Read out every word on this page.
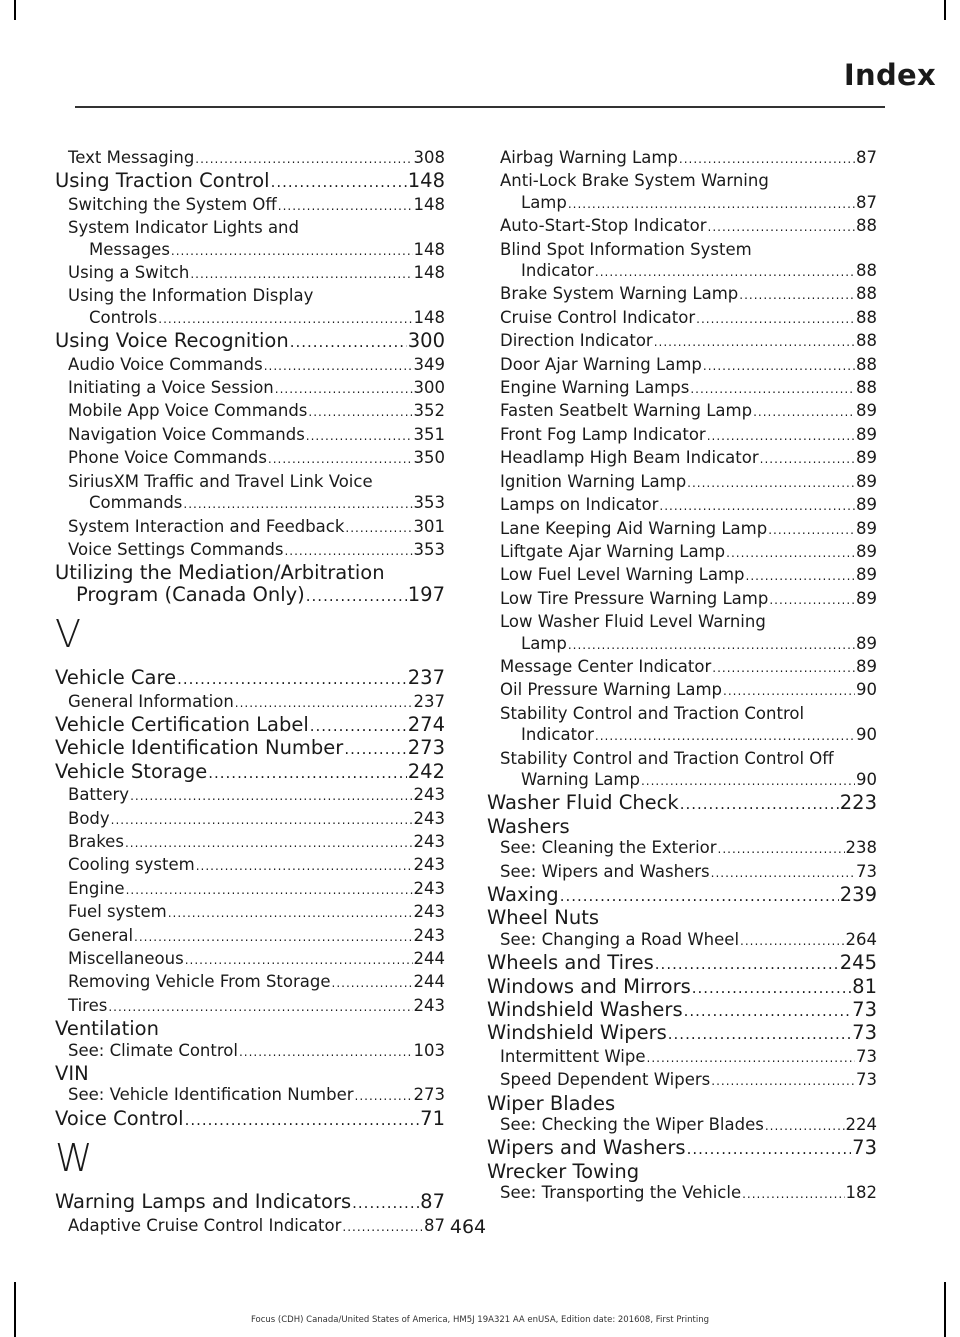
Index
Text Messaging .....	308
Using Traction Control .....	148
Switching the System Off .....	148
System Indicator Lights and
Messages .....	148
Using a Switch .....	148
Using the Information Display
Controls .....	148
Using Voice Recognition .....	300
Audio Voice Commands .....	349
Initiating a Voice Session .....	300
Mobile App Voice Commands .....	352
Navigation Voice Commands .....	351
Phone Voice Commands .....	350
SiriusXM Traffic and Travel Link Voice
Commands .....	353
System Interaction and Feedback .....	301
Voice Settings Commands .....	353
Utilizing the Mediation/Arbitration
Program (Canada Only) .....	197
V
Vehicle Care .....	237
General Information .....	237
Vehicle Certification Label .....	274
Vehicle Identification Number .....	273
Vehicle Storage .....	242
Battery .....	243
Body .....	243
Brakes .....	243
Cooling system .....	243
Engine .....	243
Fuel system .....	243
General .....	243
Miscellaneous .....	244
Removing Vehicle From Storage .....	244
Tires .....	243
Ventilation
See: Climate Control .....	103
VIN
See: Vehicle Identification Number .....	273
Voice Control .....	71
W
Warning Lamps and Indicators .....	87
Adaptive Cruise Control Indicator .....	87
Airbag Warning Lamp .....	87
Anti-Lock Brake System Warning
Lamp .....	87
Auto-Start-Stop Indicator .....	88
Blind Spot Information System
Indicator .....	88
Brake System Warning Lamp .....	88
Cruise Control Indicator .....	88
Direction Indicator .....	88
Door Ajar Warning Lamp .....	88
Engine Warning Lamps .....	88
Fasten Seatbelt Warning Lamp .....	89
Front Fog Lamp Indicator .....	89
Headlamp High Beam Indicator .....	89
Ignition Warning Lamp .....	89
Lamps on Indicator .....	89
Lane Keeping Aid Warning Lamp .....	89
Liftgate Ajar Warning Lamp .....	89
Low Fuel Level Warning Lamp .....	89
Low Tire Pressure Warning Lamp .....	89
Low Washer Fluid Level Warning
Lamp .....	89
Message Center Indicator .....	89
Oil Pressure Warning Lamp .....	90
Stability Control and Traction Control
Indicator .....	90
Stability Control and Traction Control Off
Warning Lamp .....	90
Washer Fluid Check .....	223
Washers
See: Cleaning the Exterior .....	238
See: Wipers and Washers .....	73
Waxing .....	239
Wheel Nuts
See: Changing a Road Wheel .....	264
Wheels and Tires .....	245
Windows and Mirrors .....	81
Windshield Washers .....	73
Windshield Wipers .....	73
Intermittent Wipe .....	73
Speed Dependent Wipers .....	73
Wiper Blades
See: Checking the Wiper Blades .....	224
Wipers and Washers .....	73
Wrecker Towing
See: Transporting the Vehicle .....	182
464
Focus (CDH) Canada/United States of America, HM5J 19A321 AA enUSA, Edition date: 201608, First Printing
